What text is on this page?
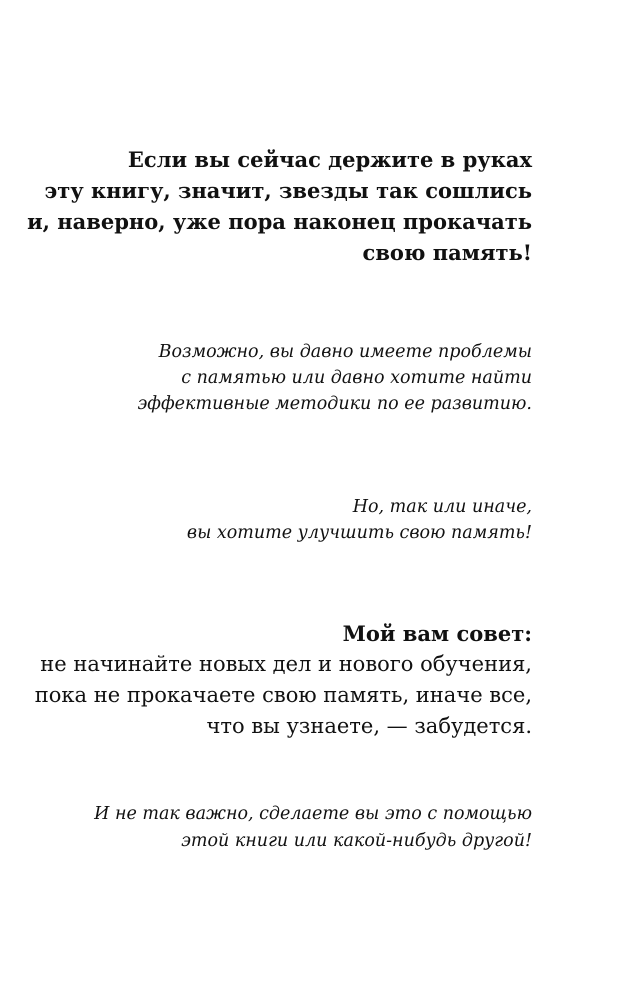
Если вы сейчас держите в руках
эту книгу, значит, звезды так сошлись
и, наверно, уже пора наконец прокачать
свою память!
Возможно, вы давно имеете проблемы
с памятью или давно хотите найти
эффективные методики по ее развитию.
Но, так или иначе,
вы хотите улучшить свою память!
Мой вам совет:
не начинайте новых дел и нового обучения,
пока не прокачаете свою память, иначе все,
что вы узнаете, — забудется.
И не так важно, сделаете вы это с помощью
этой книги или какой-нибудь другой!
